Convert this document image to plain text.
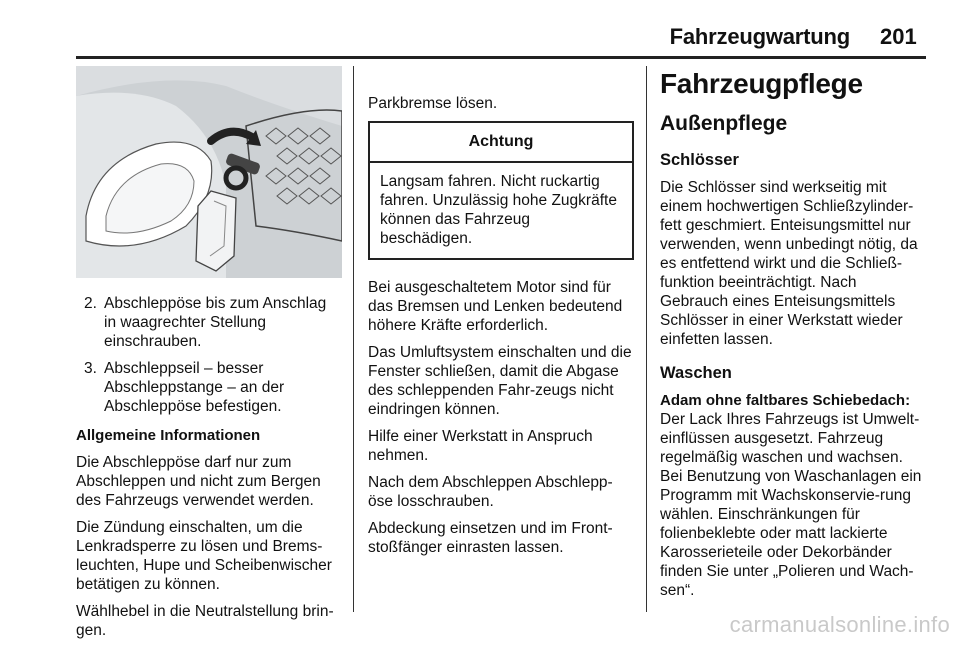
Fahrzeugwartung 201
2. Abschleppöse bis zum Anschlag in waagrechter Stellung einschrauben.
3. Abschleppseil – besser Abschleppstange – an der Abschleppöse befestigen.

Allgemeine Informationen

Die Abschleppöse darf nur zum Abschleppen und nicht zum Bergen des Fahrzeugs verwendet werden.

Die Zündung einschalten, um die Lenkradsperre zu lösen und Brems-leuchten, Hupe und Scheibenwischer betätigen zu können.

Wählhebel in die Neutralstellung brin-gen.

Parkbremse lösen.

Achtung
Langsam fahren. Nicht ruckartig fahren. Unzulässig hohe Zugkräfte können das Fahrzeug beschädigen.

Bei ausgeschaltetem Motor sind für das Bremsen und Lenken bedeutend höhere Kräfte erforderlich.

Das Umluftsystem einschalten und die Fenster schließen, damit die Abgase des schleppenden Fahr-zeugs nicht eindringen können.

Hilfe einer Werkstatt in Anspruch nehmen.

Nach dem Abschleppen Abschlepp-öse losschrauben.

Abdeckung einsetzen und im Front-stoßfänger einrasten lassen.

Fahrzeugpflege
Außenpflege
Schlösser

Die Schlösser sind werkseitig mit einem hochwertigen Schließzylinder-fett geschmiert. Enteisungsmittel nur verwenden, wenn unbedingt nötig, da es entfettend wirkt und die Schließ-funktion beeinträchtigt. Nach Gebrauch eines Enteisungsmittels Schlösser in einer Werkstatt wieder einfetten lassen.

Waschen

Adam ohne faltbares Schiebedach: Der Lack Ihres Fahrzeugs ist Umwelt-einflüssen ausgesetzt. Fahrzeug regelmäßig waschen und wachsen. Bei Benutzung von Waschanlagen ein Programm mit Wachskonservie-rung wählen. Einschränkungen für folienbeklebte oder matt lackierte Karosserieteile oder Dekorbänder finden Sie unter „Polieren und Wach-sen“.

carmanualsonline.info
